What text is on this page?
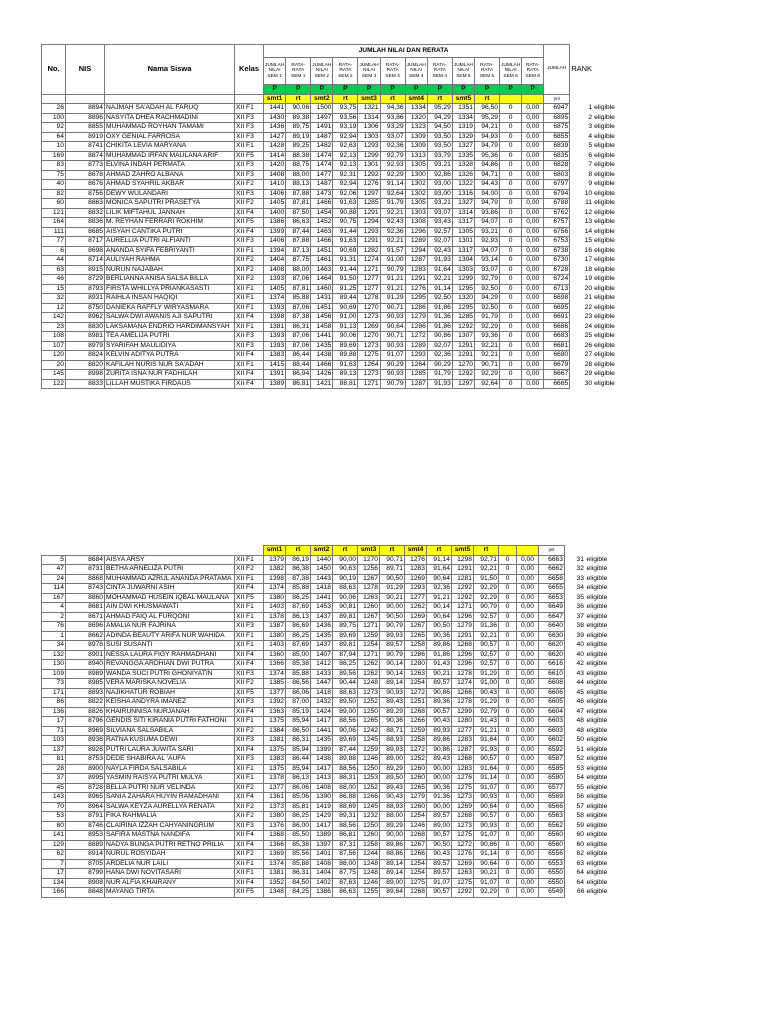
No.	NIS	Nama Siswa	Kelas	JUMLAH NILAI DAN RERATA												JUMLAH	RANK	
				JUMLAH NILAI SEM 1	RATA-RATA SEM 1	JUMLAH NILAI SEM 2	RATA-RATA SEM 2	JUMLAH NILAI SEM 3	RATA-RATA SEM 3	JUMLAH NILAI SEM 4	RATA-RATA SEM 4	JUMLAH NILAI SEM 5	RATA-RATA SEM 5	JUMLAH NILAI SEM 6	RATA-RATA SEM 6			
				P	P	P	P	P	P	P	P	P	P	P	P			
				smt1	rt	smt2	rt	smt3	rt	smt4	rt	smt5	rt			jml		
26	8894	NAJMAH SA'ADAH AL FARUQ	XII F1	1441	90,06	1500	93,75	1321	94,36	1334	95,29	1351	96,50	0	0,00	6947	1	eligible
100	8896	NASYITA DHEA RACHMADINI	XII F3	1430	89,38	1497	93,56	1314	93,86	1320	94,29	1334	95,29	0	0,00	6895	2	eligible
92	8855	MUHAMMAD ROYHAN TAMAMI	XII F3	1436	89,75	1491	93,19	1306	93,29	1323	94,50	1319	94,21	0	0,00	6875	3	eligible
64	8919	OXY GENIAL FARROSA	XII F3	1427	89,19	1487	92,94	1303	93,07	1309	93,50	1329	94,93	0	0,00	6855	4	eligible
10	8741	CHIKITA LEVIA MARYANA	XII F1	1428	89,25	1482	92,63	1293	92,36	1309	93,50	1327	94,79	0	0,00	6839	5	eligible
169	8874	MUHAMMAD IRFAN MAULANA ARIF	XII F5	1414	88,38	1474	92,13	1299	92,79	1313	93,79	1335	95,36	0	0,00	6835	6	eligible
83	8773	ELVINA INDAH PERMATA	XII F3	1420	88,75	1474	92,13	1301	92,93	1305	93,21	1328	94,86	0	0,00	6828	7	eligible
75	8678	AHMAD ZAHRO ALBANA	XII F3	1408	88,00	1477	92,31	1292	92,29	1300	92,86	1326	94,71	0	0,00	6803	8	eligible
40	8676	AHMAD SYAHRIL AKBAR	XII F2	1410	88,13	1487	92,94	1276	91,14	1302	93,00	1322	94,43	0	0,00	6797	9	eligible
82	8756	DEWY WULANDARI	XII F3	1406	87,88	1473	92,06	1297	92,64	1302	93,00	1316	94,00	0	0,00	6794	10	eligible
60	8863	MONICA SAPUTRI PRASETYA	XII F2	1405	87,81	1466	91,63	1285	91,79	1305	93,21	1327	94,79	0	0,00	6788	11	eligible
121	8832	LILIK MIFTAHUL JANNAH	XII F4	1400	87,50	1454	90,88	1291	92,21	1303	93,07	1314	93,86	0	0,00	6762	12	eligible
164	8836	M. REYHAN FERRARI ROKHIM	XII F5	1386	86,63	1452	90,75	1294	92,43	1308	93,43	1317	94,07	0	0,00	6757	13	eligible
111	8685	AISYAH CANTIKA PUTRI	XII F4	1399	87,44	1463	91,44	1293	92,36	1296	92,57	1305	93,21	0	0,00	6756	14	eligible
77	8717	AURELLIA PUTRI ALFIANTI	XII F3	1406	87,88	1466	91,63	1291	92,21	1289	92,07	1301	92,93	0	0,00	6753	15	eligible
6	8698	ANANDA SYIFA FEBRIYANTI	XII F1	1394	87,13	1451	90,69	1282	91,57	1294	92,43	1317	94,07	0	0,00	6738	16	eligible
44	8714	AULIYAH RAHMA	XII F2	1404	87,75	1461	91,31	1274	91,00	1287	91,93	1304	93,14	0	0,00	6730	17	eligible
63	8915	NURUN NAJABAH	XII F2	1408	88,00	1463	91,44	1271	90,79	1283	91,64	1303	93,07	0	0,00	6728	18	eligible
46	8729	BERLIANNA ANISA SALSA BILLA	XII F2	1393	87,06	1464	91,50	1277	91,21	1291	92,21	1299	92,79	0	0,00	6724	19	eligible
15	8793	FIRSTA WHILLYA PRIANKASASTI	XII F1	1405	87,81	1460	91,25	1277	91,21	1276	91,14	1295	92,50	0	0,00	6713	20	eligible
32	8931	RAIHLA INSAN HAQIQI	XII F1	1374	85,88	1431	89,44	1278	91,29	1295	92,50	1320	94,29	0	0,00	6698	21	eligible
12	8750	DANIEKA RAFFLY WIRYASMARA	XII F1	1393	87,06	1451	90,69	1270	90,71	1286	91,86	1295	92,50	0	0,00	6695	22	eligible
142	8962	SALWA DWI AWANIS AJI SAPUTRI	XII F4	1398	87,38	1456	91,00	1273	90,93	1279	91,36	1285	91,79	0	0,00	6691	23	eligible
23	8830	LAKSAMANA ENDRIO HARDIMANSYAH	XII F1	1381	86,31	1458	91,13	1269	90,64	1286	91,86	1292	92,29	0	0,00	6686	24	eligible
108	8981	TEA AMELIJA PUTRI	XII F3	1393	87,06	1441	90,06	1270	90,71	1272	90,86	1307	93,36	0	0,00	6683	25	eligible
107	8979	SYARIFAH MAULIDIYA	XII F3	1393	87,06	1435	89,69	1273	90,93	1289	92,07	1291	92,21	0	0,00	6681	26	eligible
120	8824	KELVIN ADITYA PUTRA	XII F4	1383	86,44	1438	89,88	1275	91,07	1293	92,36	1291	92,21	0	0,00	6680	27	eligible
20	8820	KAFILAH NURIS NUR SA'ADAH	XII F1	1415	88,44	1466	91,63	1264	90,29	1264	90,29	1270	90,71	0	0,00	6679	28	eligible
145	8998	ZURITA ISNA NUR FADHILAH	XII F4	1391	86,94	1426	89,13	1273	90,93	1285	91,79	1292	92,29	0	0,00	6667	29	eligible
122	8833	LILLAH MUSTIKA FIRDAUS	XII F4	1389	86,81	1421	88,81	1271	90,79	1287	91,93	1297	92,64	0	0,00	6665	30	eligible
				smt1	rt	smt2	rt	smt3	rt	smt4	rt	smt5	rt			jml		
5	8684	AISYA ARSY	XII F1	1379	86,19	1440	90,00	1270	90,71	1276	91,14	1298	92,71	0	0,00	6663	31	eligible
47	8731	BETHA ARNELIZA PUTRI	XII F2	1382	86,38	1450	90,63	1256	89,71	1283	91,64	1291	92,21	0	0,00	6662	32	eligible
24	8868	MUHAMMAD AZRUL ANANDA PRATAMA	XII F1	1398	87,38	1443	90,19	1267	90,50	1269	90,64	1281	91,50	0	0,00	6658	33	eligible
114	8743	CINTA JUWARNI ASIH	XII F4	1374	85,88	1418	88,63	1278	91,29	1293	92,36	1292	92,29	0	0,00	6655	34	eligible
167	8860	MOHAMMAD HUSEIN IQBAL MAULANA	XII F5	1380	86,25	1441	90,06	1263	90,21	1277	91,21	1292	92,29	0	0,00	6653	35	eligible
4	8681	AIN DWI KHUSMAWATI	XII F1	1403	87,69	1453	90,81	1260	90,00	1262	90,14	1271	90,79	0	0,00	6649	36	eligible
2	8671	AHMAD FAIQ AL FURQONI	XII F1	1378	86,13	1437	89,81	1267	90,50	1269	90,64	1296	92,57	0	0,00	6647	37	eligible
76	8696	AMALIA NUR FAJRINA	XII F3	1387	86,69	1436	89,75	1271	90,79	1267	90,50	1279	91,36	0	0,00	6640	38	eligible
1	8662	ADINDA BEAUTY ARIFA NUR WAHIDA	XII F1	1380	86,25	1435	89,69	1259	89,93	1265	90,36	1291	92,21	0	0,00	6630	39	eligible
34	8978	SUSI SUSANTI	XII F1	1403	87,69	1437	89,81	1254	89,57	1258	89,86	1268	90,57	0	0,00	6620	40	eligible
132	8901	NESSA LAURA FIGY RAHMADHANI	XII F4	1360	85,00	1407	87,94	1271	90,79	1286	91,86	1296	92,57	0	0,00	6620	40	eligible
130	8940	REVANGGA ARDHIAN DWI PUTRA	XII F4	1366	85,38	1412	88,25	1262	90,14	1280	91,43	1296	92,57	0	0,00	6616	42	eligible
109	8989	WANDA SUCI PUTRI GHONIYATIN	XII F3	1374	85,88	1433	89,56	1262	90,14	1263	90,21	1278	91,29	0	0,00	6610	43	eligible
73	8985	VERA MARISKA NOVELIA	XII F2	1385	86,56	1447	90,44	1248	89,14	1254	89,57	1274	91,00	0	0,00	6608	44	eligible
171	8893	NAJIKHATUR ROBIAH	XII F5	1377	86,06	1418	88,63	1273	90,93	1272	90,86	1266	90,43	0	0,00	6606	45	eligible
86	8822	KEISHA ANDYRA IMANEZ	XII F3	1392	87,00	1432	89,50	1252	89,43	1251	89,36	1278	91,29	0	0,00	6605	46	eligible
136	8826	KHAIRUNNISA NURJANAH	XII F4	1363	85,19	1424	89,00	1250	89,29	1268	90,57	1299	92,79	0	0,00	6604	47	eligible
17	8796	GENDIS SITI KIRANIA PUTRI FATHONI	XII F1	1375	85,94	1417	88,56	1265	90,36	1266	90,43	1280	91,43	0	0,00	6603	48	eligible
71	8969	SILVIANA SALSABILA	XII F2	1384	86,50	1441	90,06	1242	88,71	1259	89,93	1277	91,21	0	0,00	6603	48	eligible
103	8936	RATNA KUSUMA DEWI	XII F3	1381	86,31	1435	89,69	1245	88,93	1258	89,86	1283	91,64	0	0,00	6602	50	eligible
137	8926	PUTRI LAURA JUWITA SARI	XII F4	1375	85,94	1399	87,44	1259	89,93	1272	90,86	1287	91,93	0	0,00	6592	51	eligible
81	8753	DEDE SHABIRA AL 'AUFA	XII F3	1383	86,44	1438	89,88	1246	89,00	1252	89,43	1268	90,57	0	0,00	6587	52	eligible
28	8900	NAYLA FIRDA SALSABILA	XII F1	1375	85,94	1417	88,56	1250	89,29	1260	90,00	1283	91,64	0	0,00	6585	53	eligible
37	8995	YASMIN RAISYA PUTRI MULYA	XII F1	1378	86,13	1413	88,31	1253	89,50	1260	90,00	1276	91,14	0	0,00	6580	54	eligible
45	8728	BELLA PUTRI NUR VELINDA	XII F2	1377	86,06	1408	88,00	1252	89,43	1265	90,36	1275	91,07	0	0,00	6577	55	eligible
143	8965	SANIA ZAHARA HUYIN RAMADHANI	XII F4	1361	85,06	1390	86,88	1266	90,43	1279	91,36	1273	90,93	0	0,00	6569	56	eligible
70	8964	SALWA KEYZA AURELLYA RENATA	XII F2	1373	85,81	1419	88,69	1245	88,93	1260	90,00	1269	90,64	0	0,00	6566	57	eligible
53	8791	FIKA RAHMALIA	XII F2	1380	86,25	1429	89,31	1232	88,00	1254	89,57	1268	90,57	0	0,00	6563	58	eligible
80	8746	CLAIRINA IZZAH CAHYANINGRUM	XII F3	1376	86,00	1417	88,56	1250	89,29	1246	89,00	1273	90,93	0	0,00	6562	59	eligible
141	8953	SAFIRA MASTNA NANDIFA	XII F4	1368	85,50	1389	86,81	1260	90,00	1268	90,57	1275	91,07	0	0,00	6560	60	eligible
129	8889	NADYA BUNGA PUTRI RETNO PRILIA	XII F4	1366	85,38	1397	87,31	1258	89,86	1267	90,50	1272	90,86	0	0,00	6560	60	eligible
62	8914	NURUL ROSYIDAH	XII F2	1369	85,56	1401	87,56	1244	88,86	1266	90,43	1276	91,14	0	0,00	6556	62	eligible
7	8705	ARDELIA NUR LAILI	XII F1	1374	85,88	1408	88,00	1248	89,14	1254	89,57	1269	90,64	0	0,00	6553	63	eligible
17	8799	HANA DWI NOVITASARI	XII F1	1381	86,31	1404	87,75	1248	89,14	1254	89,57	1263	90,21	0	0,00	6550	64	eligible
134	8908	NUR ALFIA KHAIRANY	XII F4	1352	84,50	1402	87,63	1246	89,00	1275	91,07	1275	91,07	0	0,00	6550	64	eligible
166	8848	MAYANG TIRTA	XII F5	1348	84,25	1386	86,63	1255	89,64	1268	90,57	1292	92,29	0	0,00	6549	66	eligible
